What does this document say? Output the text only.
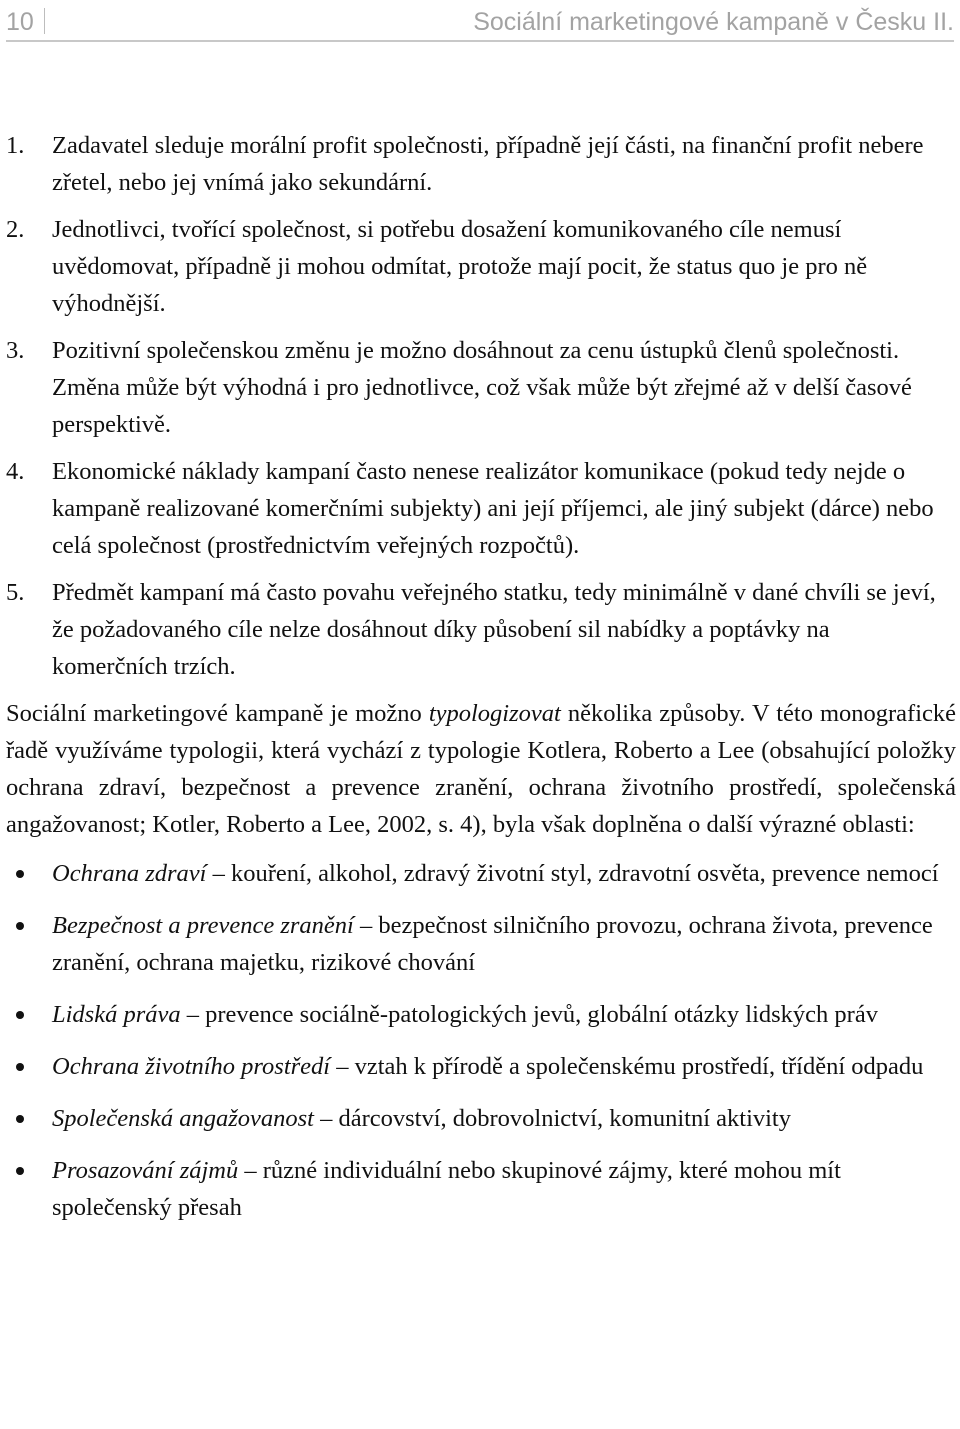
10	Sociální marketingové kampaně v Česku II.
1. Zadavatel sleduje morální profit společnosti, případně její části, na finanční profit nebere zřetel, nebo jej vnímá jako sekundární.
2. Jednotlivci, tvořící společnost, si potřebu dosažení komunikovaného cíle nemusí uvědomovat, případně ji mohou odmítat, protože mají pocit, že status quo je pro ně výhodnější.
3. Pozitivní společenskou změnu je možno dosáhnout za cenu ústupků členů společnosti. Změna může být výhodná i pro jednotlivce, což však může být zřejmé až v delší časové perspektivě.
4. Ekonomické náklady kampaní často nenese realizátor komunikace (pokud tedy nejde o kampaně realizované komerčními subjekty) ani její příjemci, ale jiný subjekt (dárce) nebo celá společnost (prostřednictvím veřejných rozpočtů).
5. Předmět kampaní má často povahu veřejného statku, tedy minimálně v dané chvíli se jeví, že požadovaného cíle nelze dosáhnout díky působení sil nabídky a poptávky na komerčních trzích.

Sociální marketingové kampaně je možno typologizovat několika způsoby. V této monografické řadě využíváme typologii, která vychází z typologie Kotlera, Roberto a Lee (obsahující položky ochrana zdraví, bezpečnost a prevence zranění, ochrana životního prostředí, společenská angažovanost; Kotler, Roberto a Lee, 2002, s. 4), byla však doplněna o další výrazné oblasti:

Ochrana zdraví – kouření, alkohol, zdravý životní styl, zdravotní osvěta, prevence nemocí
Bezpečnost a prevence zranění – bezpečnost silničního provozu, ochrana života, prevence zranění, ochrana majetku, rizikové chování
Lidská práva – prevence sociálně-patologických jevů, globální otázky lidských práv
Ochrana životního prostředí – vztah k přírodě a společenskému prostředí, třídění odpadu
Společenská angažovanost – dárcovství, dobrovolnictví, komunitní aktivity
Prosazování zájmů – různé individuální nebo skupinové zájmy, které mohou mít společenský přesah
